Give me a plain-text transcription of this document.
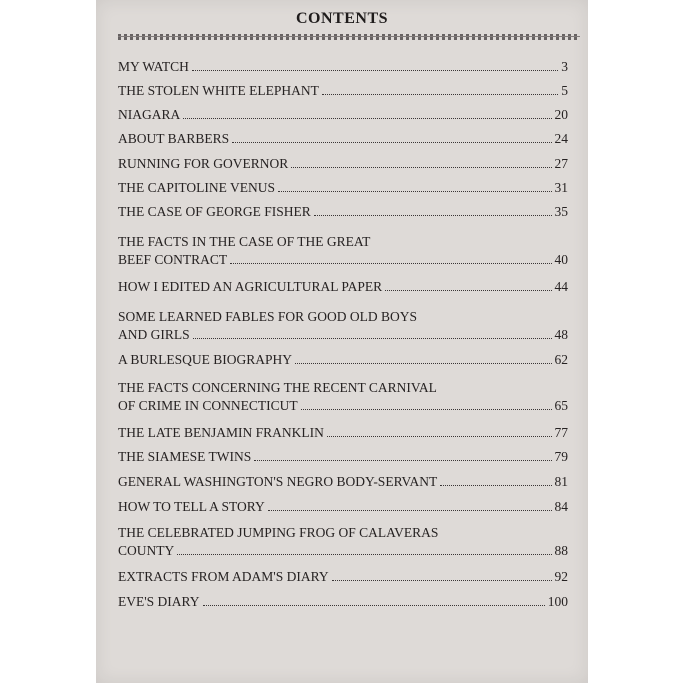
CONTENTS
MY WATCH	3
THE STOLEN WHITE ELEPHANT	5
NIAGARA	20
ABOUT BARBERS	24
RUNNING FOR GOVERNOR	27
THE CAPITOLINE VENUS	31
THE CASE OF GEORGE FISHER	35
THE FACTS IN THE CASE OF THE GREAT
BEEF CONTRACT	40
HOW I EDITED AN AGRICULTURAL PAPER	44
SOME LEARNED FABLES FOR GOOD OLD BOYS
AND GIRLS	48
A BURLESQUE BIOGRAPHY	62
THE FACTS CONCERNING THE RECENT CARNIVAL
OF CRIME IN CONNECTICUT	65
THE LATE BENJAMIN FRANKLIN	77
THE SIAMESE TWINS	79
GENERAL WASHINGTON'S NEGRO BODY-SERVANT	81
HOW TO TELL A STORY	84
THE CELEBRATED JUMPING FROG OF CALAVERAS
COUNTY	88
EXTRACTS FROM ADAM'S DIARY	92
EVE'S DIARY	100
